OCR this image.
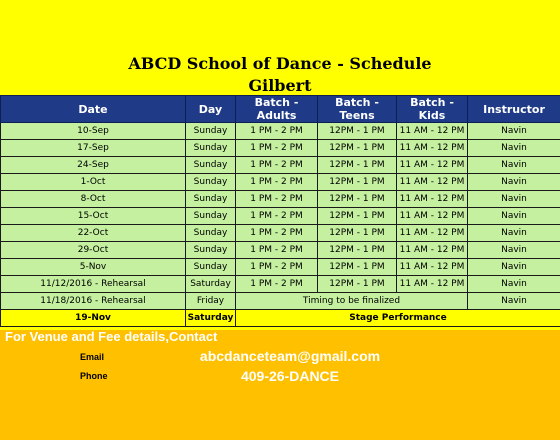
ABCD School of Dance - Schedule
Gilbert
Date	Day	Batch - Adults	Batch - Teens	Batch - Kids	Instructor
10-Sep	Sunday	1 PM - 2 PM	12PM - 1 PM	11 AM - 12 PM	Navin
17-Sep	Sunday	1 PM - 2 PM	12PM - 1 PM	11 AM - 12 PM	Navin
24-Sep	Sunday	1 PM - 2 PM	12PM - 1 PM	11 AM - 12 PM	Navin
1-Oct	Sunday	1 PM - 2 PM	12PM - 1 PM	11 AM - 12 PM	Navin
8-Oct	Sunday	1 PM - 2 PM	12PM - 1 PM	11 AM - 12 PM	Navin
15-Oct	Sunday	1 PM - 2 PM	12PM - 1 PM	11 AM - 12 PM	Navin
22-Oct	Sunday	1 PM - 2 PM	12PM - 1 PM	11 AM - 12 PM	Navin
29-Oct	Sunday	1 PM - 2 PM	12PM - 1 PM	11 AM - 12 PM	Navin
5-Nov	Sunday	1 PM - 2 PM	12PM - 1 PM	11 AM - 12 PM	Navin
11/12/2016 - Rehearsal	Saturday	1 PM - 2 PM	12PM - 1 PM	11 AM - 12 PM	Navin
11/18/2016 - Rehearsal	Friday	Timing to be finalized			Navin
19-Nov	Saturday	Stage Performance			
For Venue and Fee details,Contact
Email	abcdanceteam@gmail.com
Phone	409-26-DANCE
